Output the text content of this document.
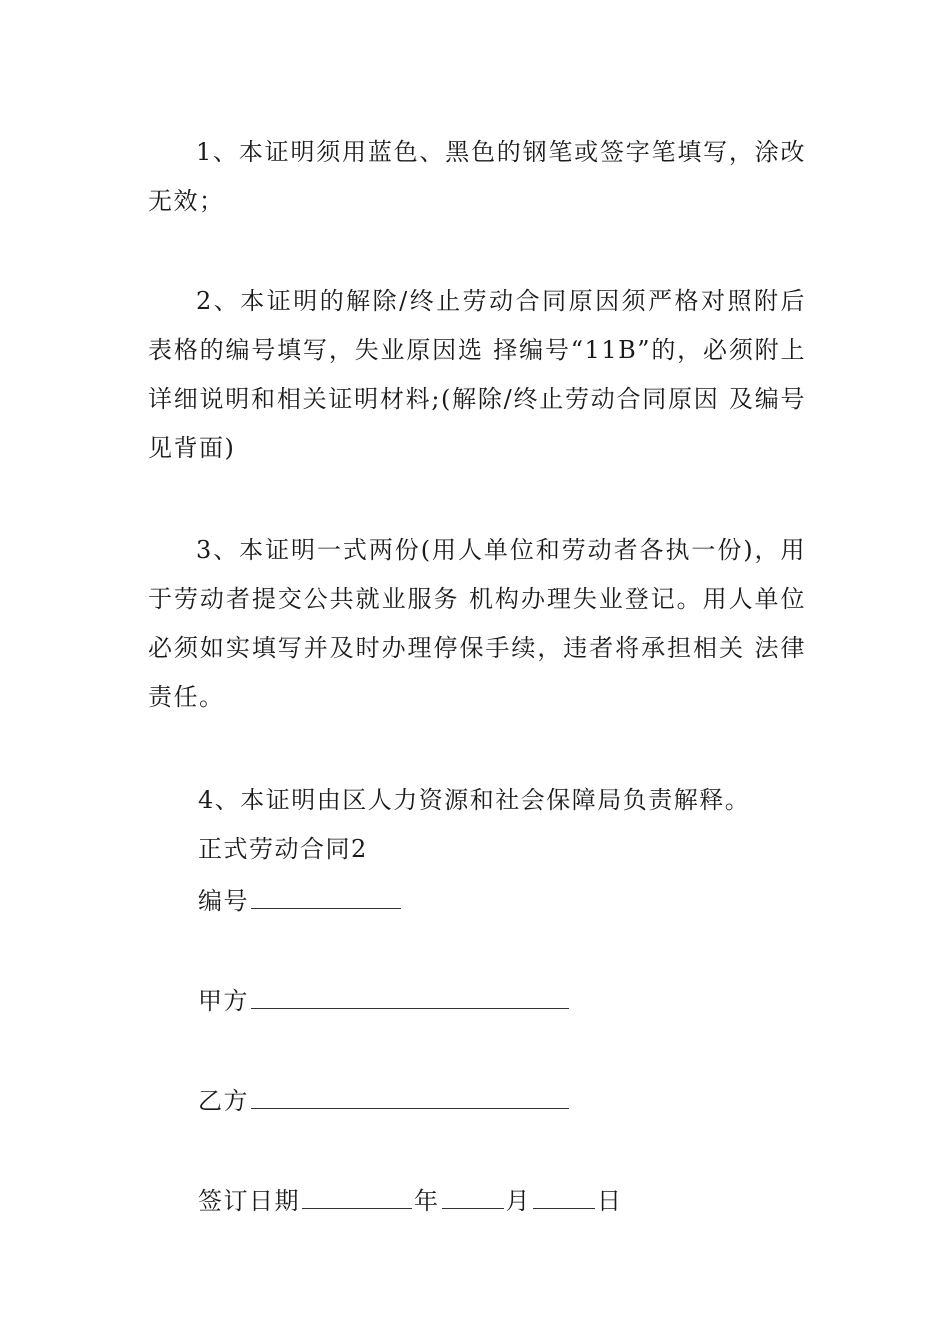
1、本证明须用蓝色、黑色的钢笔或签字笔填写，涂改无效；

2、本证明的解除/终止劳动合同原因须严格对照附后表格的编号填写，失业原因选 择编号“11B”的，必须附上详细说明和相关证明材料;(解除/终止劳动合同原因 及编号见背面)

3、本证明一式两份(用人单位和劳动者各执一份)，用于劳动者提交公共就业服务 机构办理失业登记。用人单位必须如实填写并及时办理停保手续，违者将承担相关 法律责任。

4、本证明由区人力资源和社会保障局负责解释。

正式劳动合同2

编号

甲方

乙方

签订日期	年	月	日
